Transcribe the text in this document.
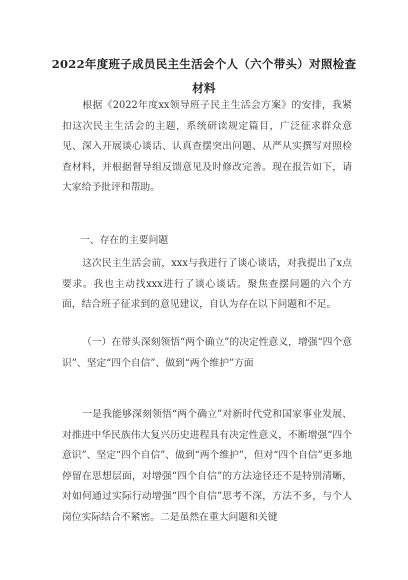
2022年度班子成员民主生活会个人（六个带头）对照检查
材料
根据《2022年度xx领导班子民主生活会方案》的安排，我紧扣这次民主生活会的主题，系统研读规定篇目，广泛征求群众意见、深入开展谈心谈话、认真查摆突出问题、从严从实撰写对照检查材料，并根据督导组反馈意见及时修改完善。现在报告如下，请大家给予批评和帮助。
一、存在的主要问题
这次民主生活会前，xxx与我进行了谈心谈话，对我提出了x点要求。我也主动找xxx进行了谈心谈话。聚焦查摆问题的六个方面，结合班子征求到的意见建议，自认为存在以下问题和不足。
（一）在带头深刻领悟“两个确立”的决定性意义，增强“四个意识”、坚定“四个自信”、做到“两个维护”方面
一是我能够深刻领悟“两个确立”对新时代党和国家事业发展、对推进中华民族伟大复兴历史进程具有决定性意义，不断增强“四个意识”、坚定“四个自信”、做到“两个维护”，但对“四个自信”更多地停留在思想层面，对增强“四个自信”的方法途径还不是特别清晰，对如何通过实际行动增强“四个自信”思考不深，方法不多，与个人岗位实际结合不紧密。二是虽然在重大问题和关键
